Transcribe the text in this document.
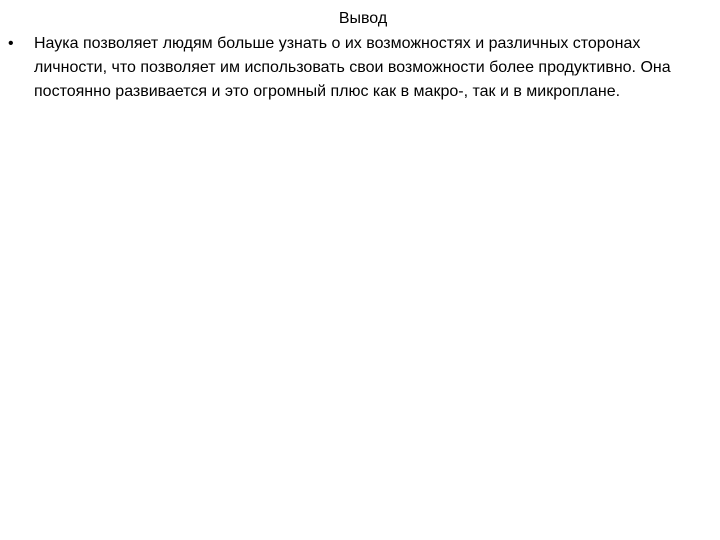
Вывод
•	Наука позволяет людям больше узнать о их возможностях и различных сторонах личности, что позволяет им использовать свои возможности более продуктивно. Она постоянно развивается и это огромный плюс как в макро-, так и в микроплане.
